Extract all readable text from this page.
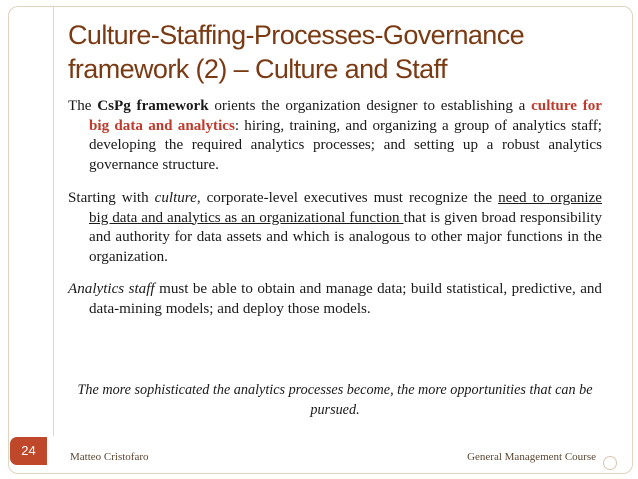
Culture-Staffing-Processes-Governance framework (2) – Culture and Staff

The CsPg framework orients the organization designer to establishing a culture for big data and analytics: hiring, training, and organizing a group of analytics staff; developing the required analytics processes; and setting up a robust analytics governance structure.

Starting with culture, corporate-level executives must recognize the need to organize big data and analytics as an organizational function that is given broad responsibility and authority for data assets and which is analogous to other major functions in the organization.

Analytics staff must be able to obtain and manage data; build statistical, predictive, and data-mining models; and deploy those models.

The more sophisticated the analytics processes become, the more opportunities that can be pursued.
24	Matteo Cristofaro	General Management Course
